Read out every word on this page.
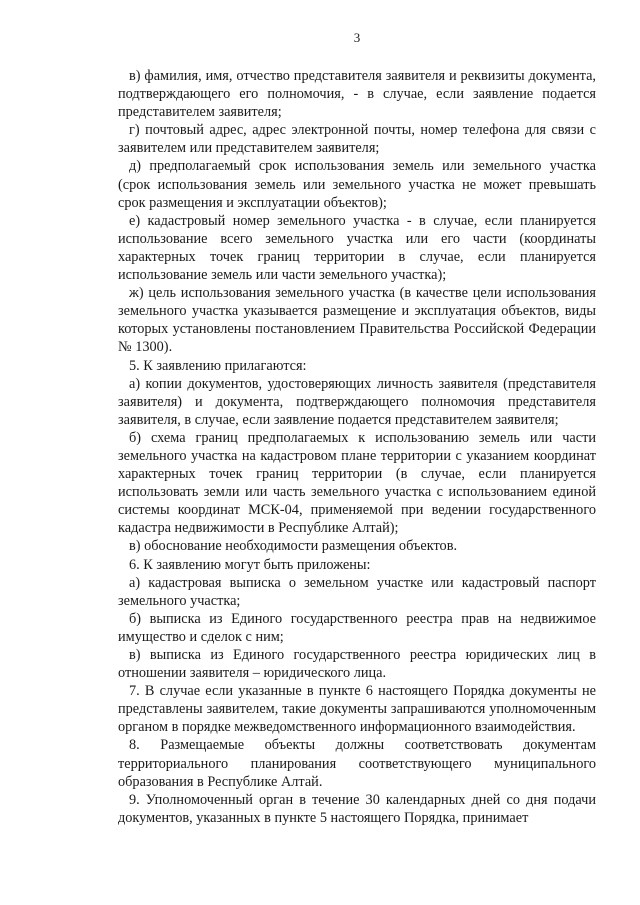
3

в) фамилия, имя, отчество представителя заявителя и реквизиты документа, подтверждающего его полномочия, - в случае, если заявление подается представителем заявителя;

г) почтовый адрес, адрес электронной почты, номер телефона для связи с заявителем или представителем заявителя;

д) предполагаемый срок использования земель или земельного участка (срок использования земель или земельного участка не может превышать срок размещения и эксплуатации объектов);

е) кадастровый номер земельного участка - в случае, если планируется использование всего земельного участка или его части (координаты характерных точек границ территории в случае, если планируется использование земель или части земельного участка);

ж) цель использования земельного участка (в качестве цели использования земельного участка указывается размещение и эксплуатация объектов, виды которых установлены постановлением Правительства Российской Федерации № 1300).

5. К заявлению прилагаются:

а) копии документов, удостоверяющих личность заявителя (представителя заявителя) и документа, подтверждающего полномочия представителя заявителя, в случае, если заявление подается представителем заявителя;

б) схема границ предполагаемых к использованию земель или части земельного участка на кадастровом плане территории с указанием координат характерных точек границ территории (в случае, если планируется использовать земли или часть земельного участка с использованием единой системы координат МСК-04, применяемой при ведении государственного кадастра недвижимости в Республике Алтай);

в) обоснование необходимости размещения объектов.

6. К заявлению могут быть приложены:

а) кадастровая выписка о земельном участке или кадастровый паспорт земельного участка;

б) выписка из Единого государственного реестра прав на недвижимое имущество и сделок с ним;

в) выписка из Единого государственного реестра юридических лиц в отношении заявителя – юридического лица.

7. В случае если указанные в пункте 6 настоящего Порядка документы не представлены заявителем, такие документы запрашиваются уполномоченным органом в порядке межведомственного информационного взаимодействия.

8. Размещаемые объекты должны соответствовать документам территориального планирования соответствующего муниципального образования в Республике Алтай.

9. Уполномоченный орган в течение 30 календарных дней со дня подачи документов, указанных в пункте 5 настоящего Порядка, принимает
